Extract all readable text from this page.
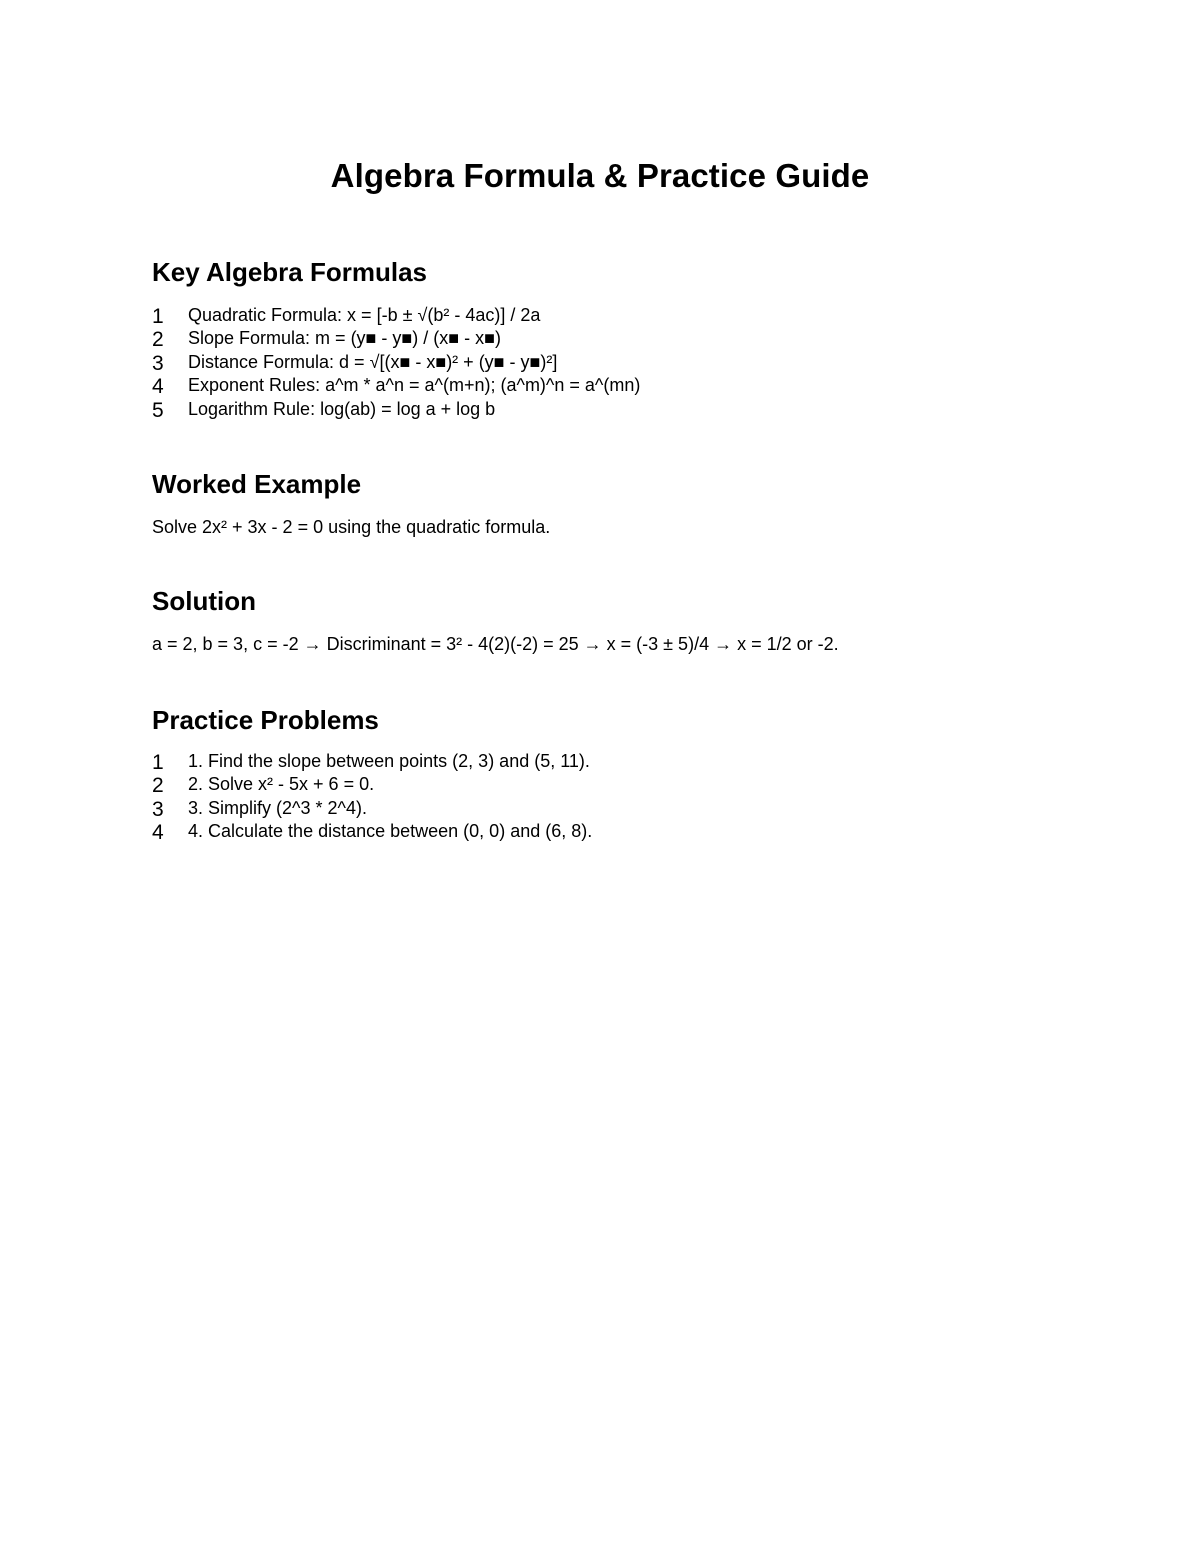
Algebra Formula & Practice Guide
Key Algebra Formulas
1 Quadratic Formula: x = [-b ± √(b² - 4ac)] / 2a
2 Slope Formula: m = (y■ - y■) / (x■ - x■)
3 Distance Formula: d = √[(x■ - x■)² + (y■ - y■)²]
4 Exponent Rules: a^m * a^n = a^(m+n); (a^m)^n = a^(mn)
5 Logarithm Rule: log(ab) = log a + log b
Worked Example
Solve 2x² + 3x - 2 = 0 using the quadratic formula.
Solution
a = 2, b = 3, c = -2 → Discriminant = 3² - 4(2)(-2) = 25 → x = (-3 ± 5)/4 → x = 1/2 or -2.
Practice Problems
1 1. Find the slope between points (2, 3) and (5, 11).
2 2. Solve x² - 5x + 6 = 0.
3 3. Simplify (2^3 * 2^4).
4 4. Calculate the distance between (0, 0) and (6, 8).
